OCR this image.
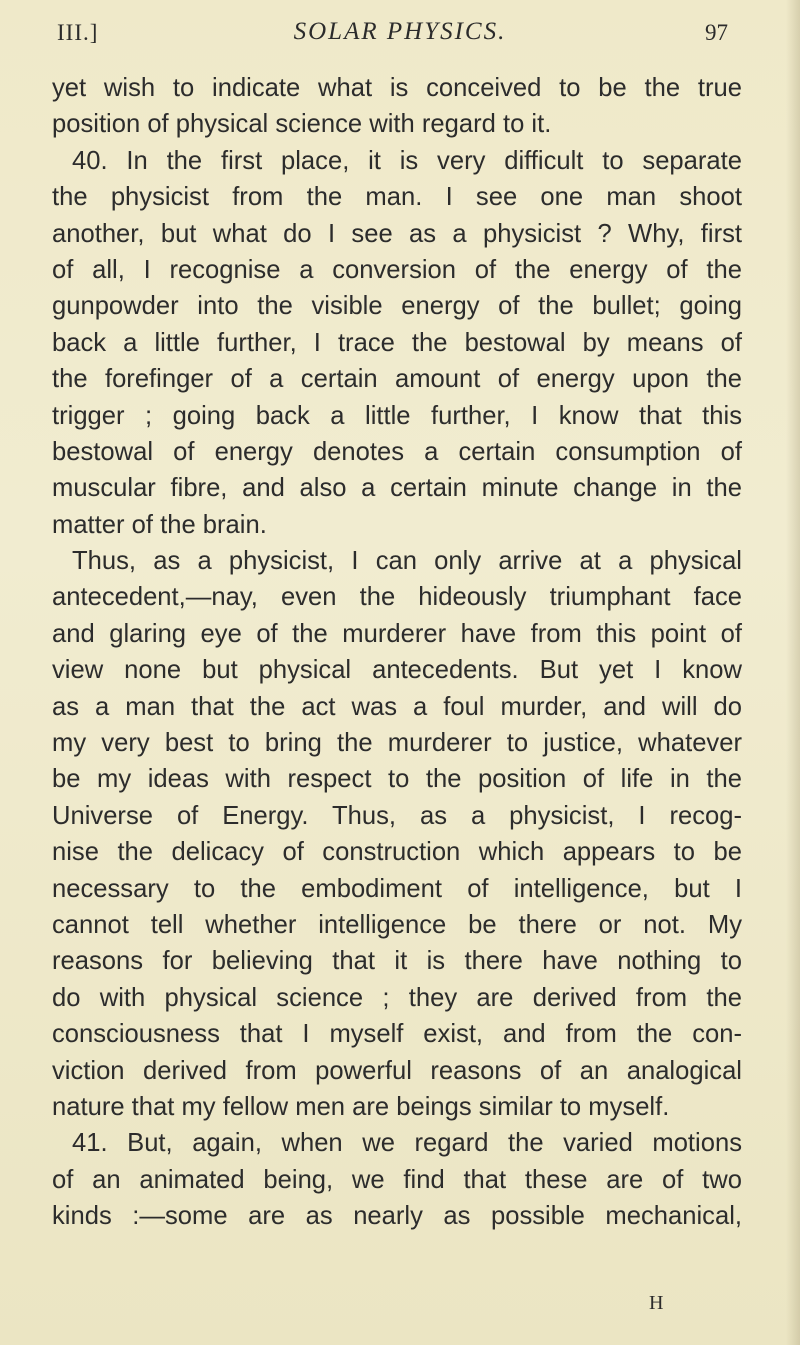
III.]	SOLAR PHYSICS.	97
yet wish to indicate what is conceived to be the true
position of physical science with regard to it.
40. In the first place, it is very difficult to separate
the physicist from the man. I see one man shoot
another, but what do I see as a physicist ? Why, first
of all, I recognise a conversion of the energy of the
gunpowder into the visible energy of the bullet; going
back a little further, I trace the bestowal by means of
the forefinger of a certain amount of energy upon the
trigger ; going back a little further, I know that this
bestowal of energy denotes a certain consumption of
muscular fibre, and also a certain minute change in the
matter of the brain.
Thus, as a physicist, I can only arrive at a physical
antecedent,—nay, even the hideously triumphant face
and glaring eye of the murderer have from this point of
view none but physical antecedents. But yet I know
as a man that the act was a foul murder, and will do
my very best to bring the murderer to justice, whatever
be my ideas with respect to the position of life in the
Universe of Energy. Thus, as a physicist, I recog-
nise the delicacy of construction which appears to be
necessary to the embodiment of intelligence, but I
cannot tell whether intelligence be there or not. My
reasons for believing that it is there have nothing to
do with physical science ; they are derived from the
consciousness that I myself exist, and from the con-
viction derived from powerful reasons of an analogical
nature that my fellow men are beings similar to myself.
41. But, again, when we regard the varied motions
of an animated being, we find that these are of two
kinds :—some are as nearly as possible mechanical,
H
